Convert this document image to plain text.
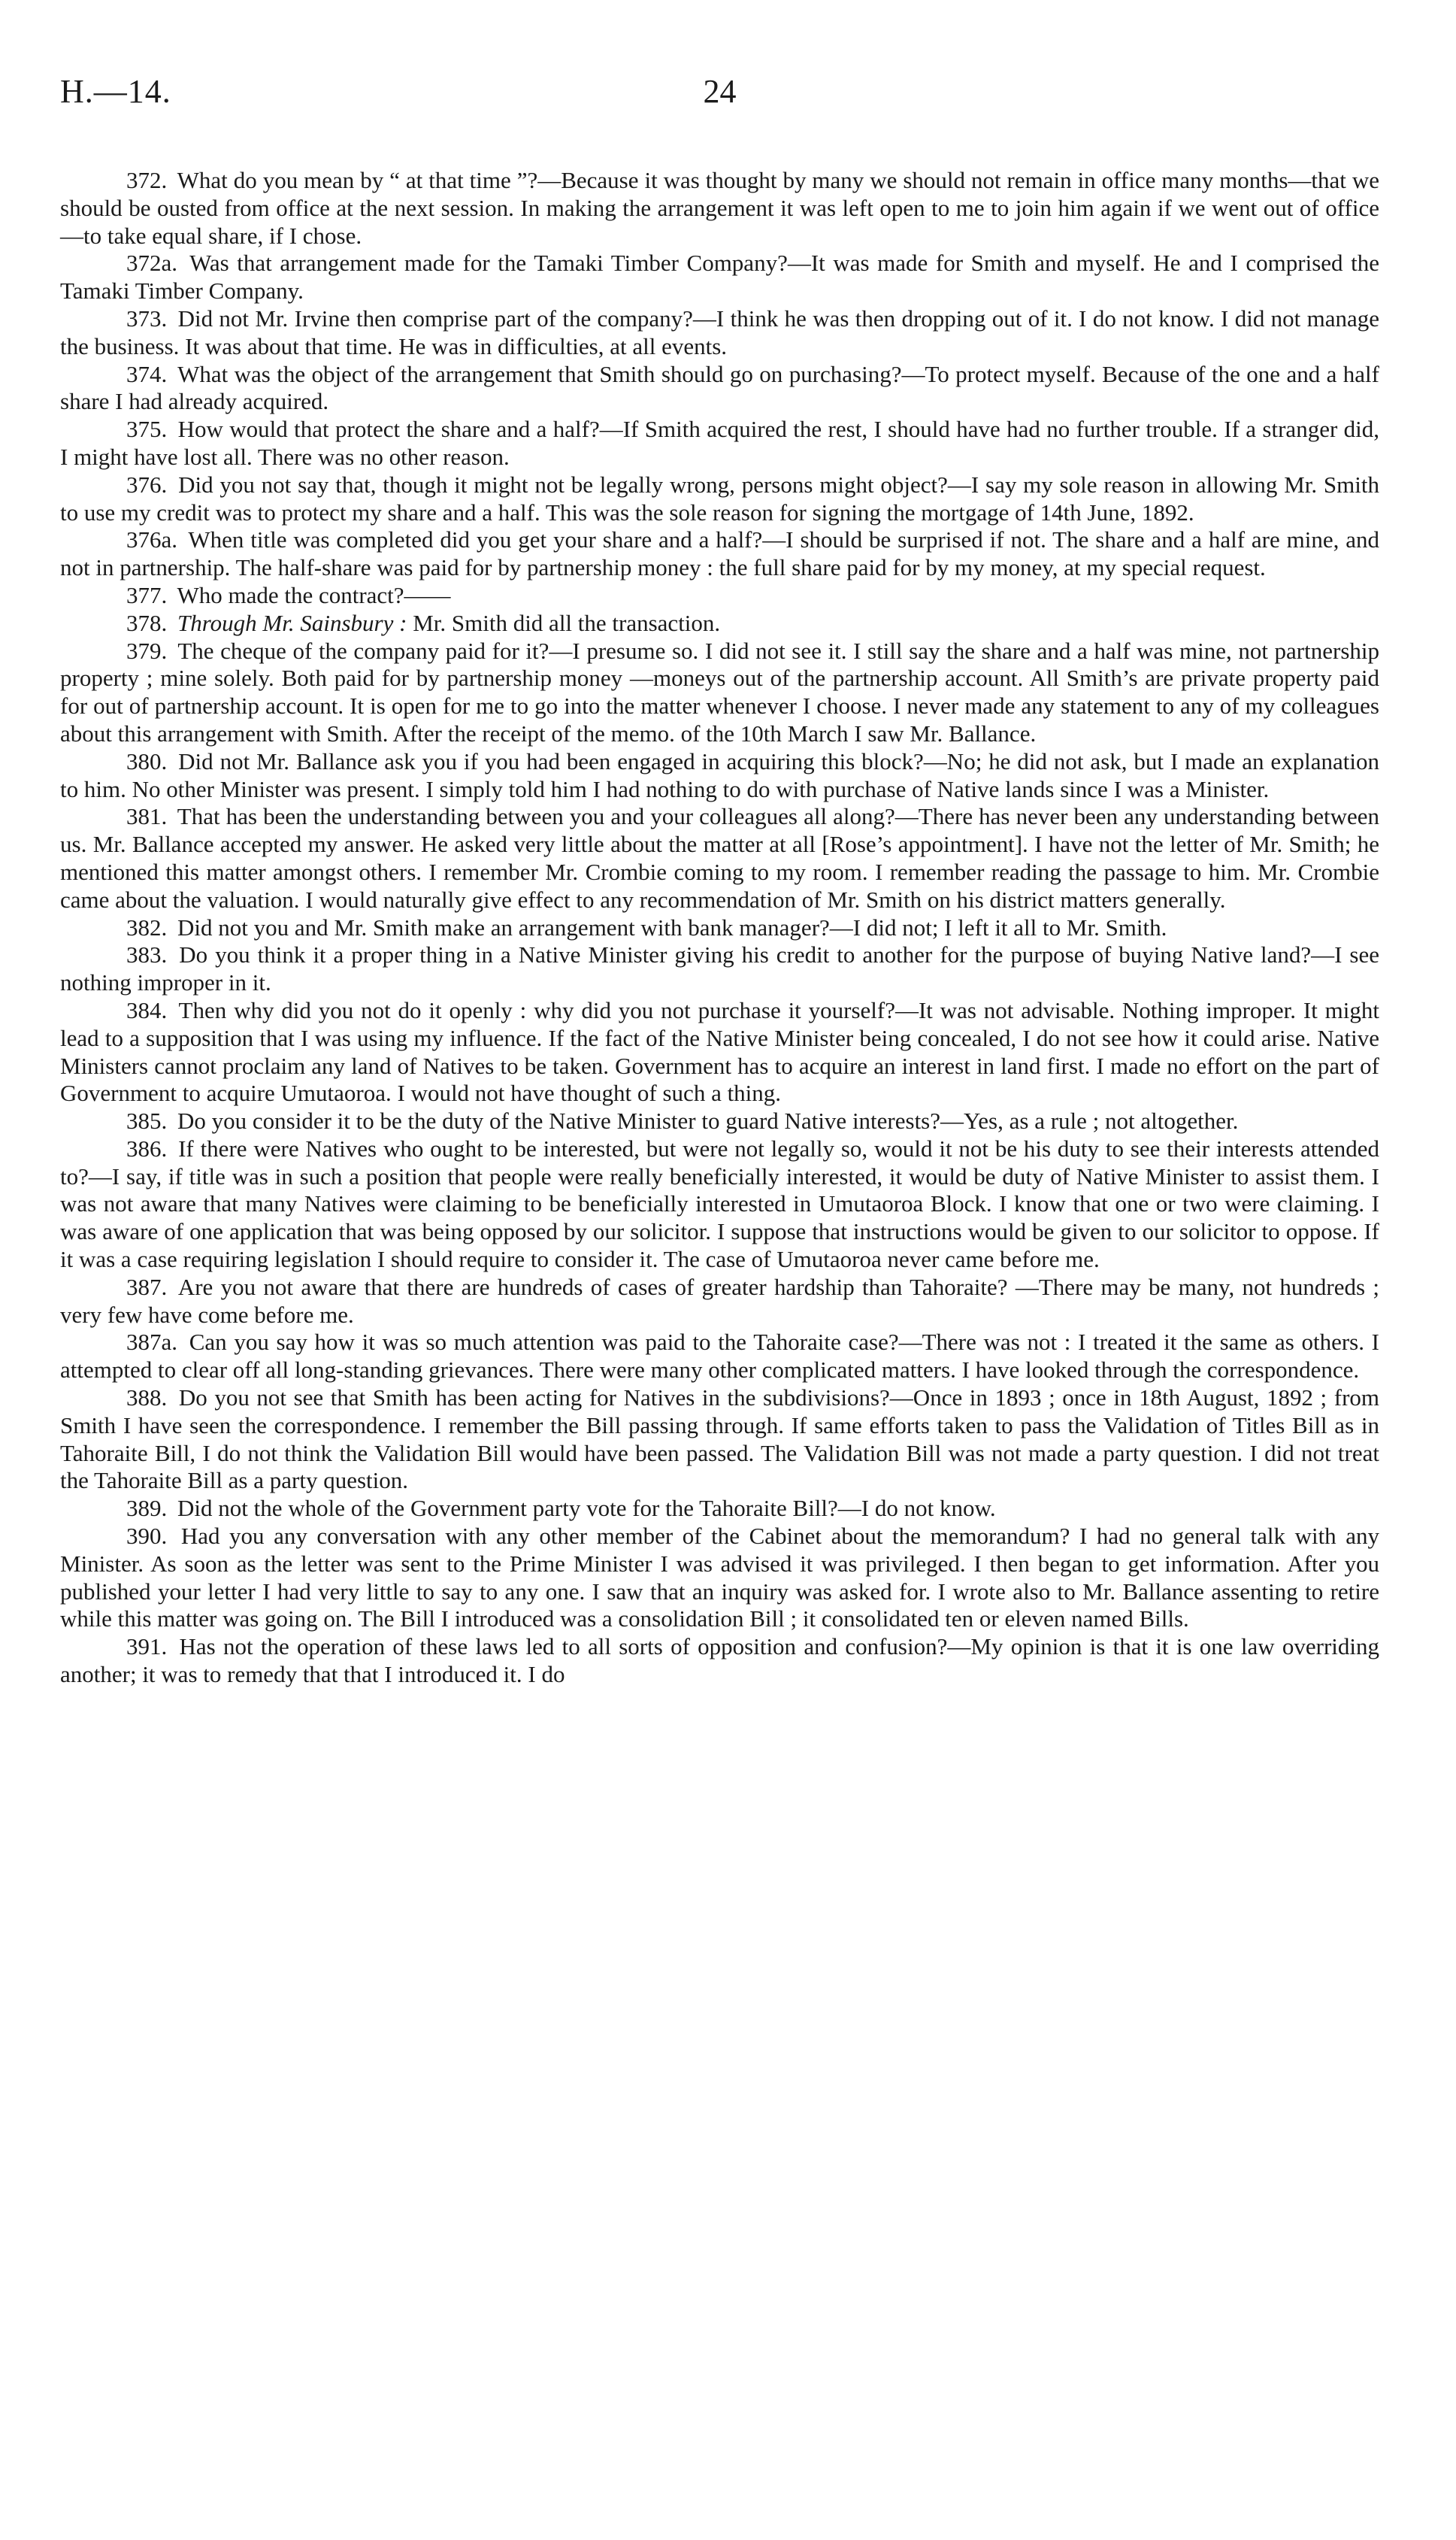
H.—14.	24

372. What do you mean by “ at that time ”?—Because it was thought by many we should not remain in office many months—that we should be ousted from office at the next session. In making the arrangement it was left open to me to join him again if we went out of office—to take equal share, if I chose.

372a. Was that arrangement made for the Tamaki Timber Company?—It was made for Smith and myself. He and I comprised the Tamaki Timber Company.

373. Did not Mr. Irvine then comprise part of the company?—I think he was then dropping out of it. I do not know. I did not manage the business. It was about that time. He was in difficulties, at all events.

374. What was the object of the arrangement that Smith should go on purchasing?—To protect myself. Because of the one and a half share I had already acquired.

375. How would that protect the share and a half?—If Smith acquired the rest, I should have had no further trouble. If a stranger did, I might have lost all. There was no other reason.

376. Did you not say that, though it might not be legally wrong, persons might object?—I say my sole reason in allowing Mr. Smith to use my credit was to protect my share and a half. This was the sole reason for signing the mortgage of 14th June, 1892.

376a. When title was completed did you get your share and a half?—I should be surprised if not. The share and a half are mine, and not in partnership. The half-share was paid for by partnership money : the full share paid for by my money, at my special request.

377. Who made the contract?——

378. Through Mr. Sainsbury : Mr. Smith did all the transaction.

379. The cheque of the company paid for it?—I presume so. I did not see it. I still say the share and a half was mine, not partnership property ; mine solely. Both paid for by partnership money —moneys out of the partnership account. All Smith’s are private property paid for out of partnership account. It is open for me to go into the matter whenever I choose. I never made any statement to any of my colleagues about this arrangement with Smith. After the receipt of the memo. of the 10th March I saw Mr. Ballance.

380. Did not Mr. Ballance ask you if you had been engaged in acquiring this block?—No; he did not ask, but I made an explanation to him. No other Minister was present. I simply told him I had nothing to do with purchase of Native lands since I was a Minister.

381. That has been the understanding between you and your colleagues all along?—There has never been any understanding between us. Mr. Ballance accepted my answer. He asked very little about the matter at all [Rose’s appointment]. I have not the letter of Mr. Smith; he mentioned this matter amongst others. I remember Mr. Crombie coming to my room. I remember reading the passage to him. Mr. Crombie came about the valuation. I would naturally give effect to any recommendation of Mr. Smith on his district matters generally.

382. Did not you and Mr. Smith make an arrangement with bank manager?—I did not; I left it all to Mr. Smith.

383. Do you think it a proper thing in a Native Minister giving his credit to another for the purpose of buying Native land?—I see nothing improper in it.

384. Then why did you not do it openly : why did you not purchase it yourself?—It was not advisable. Nothing improper. It might lead to a supposition that I was using my influence. If the fact of the Native Minister being concealed, I do not see how it could arise. Native Ministers cannot proclaim any land of Natives to be taken. Government has to acquire an interest in land first. I made no effort on the part of Government to acquire Umutaoroa. I would not have thought of such a thing.

385. Do you consider it to be the duty of the Native Minister to guard Native interests?—Yes, as a rule ; not altogether.

386. If there were Natives who ought to be interested, but were not legally so, would it not be his duty to see their interests attended to?—I say, if title was in such a position that people were really beneficially interested, it would be duty of Native Minister to assist them. I was not aware that many Natives were claiming to be beneficially interested in Umutaoroa Block. I know that one or two were claiming. I was aware of one application that was being opposed by our solicitor. I suppose that instructions would be given to our solicitor to oppose. If it was a case requiring legislation I should require to consider it. The case of Umutaoroa never came before me.

387. Are you not aware that there are hundreds of cases of greater hardship than Tahoraite? —There may be many, not hundreds ; very few have come before me.

387a. Can you say how it was so much attention was paid to the Tahoraite case?—There was not : I treated it the same as others. I attempted to clear off all long-standing grievances. There were many other complicated matters. I have looked through the correspondence.

388. Do you not see that Smith has been acting for Natives in the subdivisions?—Once in 1893 ; once in 18th August, 1892 ; from Smith I have seen the correspondence. I remember the Bill passing through. If same efforts taken to pass the Validation of Titles Bill as in Tahoraite Bill, I do not think the Validation Bill would have been passed. The Validation Bill was not made a party question. I did not treat the Tahoraite Bill as a party question.

389. Did not the whole of the Government party vote for the Tahoraite Bill?—I do not know.

390. Had you any conversation with any other member of the Cabinet about the memorandum? I had no general talk with any Minister. As soon as the letter was sent to the Prime Minister I was advised it was privileged. I then began to get information. After you published your letter I had very little to say to any one. I saw that an inquiry was asked for. I wrote also to Mr. Ballance assenting to retire while this matter was going on. The Bill I introduced was a consolidation Bill ; it consolidated ten or eleven named Bills.

391. Has not the operation of these laws led to all sorts of opposition and confusion?—My opinion is that it is one law overriding another; it was to remedy that that I introduced it. I do
